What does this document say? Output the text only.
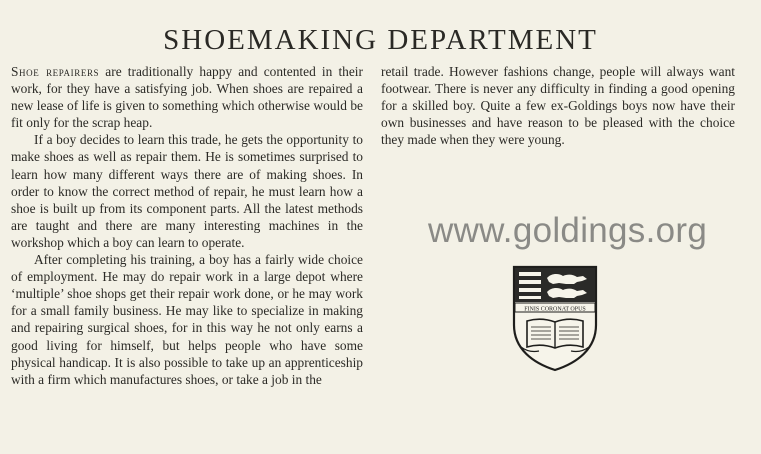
SHOEMAKING DEPARTMENT

Shoe repairers are traditionally happy and contented in their work, for they have a satisfying job. When shoes are repaired a new lease of life is given to something which otherwise would be fit only for the scrap heap.

If a boy decides to learn this trade, he gets the opportunity to make shoes as well as repair them. He is sometimes surprised to learn how many different ways there are of making shoes. In order to know the correct method of repair, he must learn how a shoe is built up from its component parts. All the latest methods are taught and there are many interesting machines in the workshop which a boy can learn to operate.

After completing his training, a boy has a fairly wide choice of employment. He may do repair work in a large depot where ‘multiple’ shoe shops get their repair work done, or he may work for a small family business. He may like to specialize in making and repairing surgical shoes, for in this way he not only earns a good living for himself, but helps people who have some physical handicap. It is also possible to take up an apprenticeship with a firm which manufactures shoes, or take a job in the

retail trade. However fashions change, people will always want footwear. There is never any difficulty in finding a good opening for a skilled boy. Quite a few ex-Goldings boys now have their own businesses and have reason to be pleased with the choice they made when they were young.

www.goldings.org
FINIS CORONAT OPUS
